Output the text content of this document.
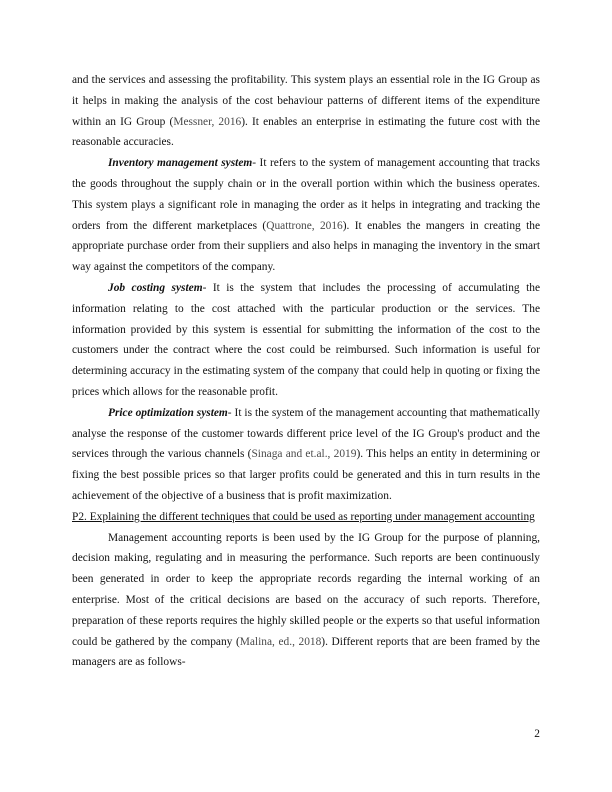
and the services and assessing the profitability. This system plays an essential role in the IG Group as it helps in making the analysis of the cost behaviour patterns of different items of the expenditure within an IG Group (Messner, 2016). It enables an enterprise in estimating the future cost with the reasonable accuracies.

Inventory management system- It refers to the system of management accounting that tracks the goods throughout the supply chain or in the overall portion within which the business operates. This system plays a significant role in managing the order as it helps in integrating and tracking the orders from the different marketplaces (Quattrone, 2016). It enables the mangers in creating the appropriate purchase order from their suppliers and also helps in managing the inventory in the smart way against the competitors of the company.

Job costing system- It is the system that includes the processing of accumulating the information relating to the cost attached with the particular production or the services. The information provided by this system is essential for submitting the information of the cost to the customers under the contract where the cost could be reimbursed. Such information is useful for determining accuracy in the estimating system of the company that could help in quoting or fixing the prices which allows for the reasonable profit.

Price optimization system- It is the system of the management accounting that mathematically analyse the response of the customer towards different price level of the IG Group's product and the services through the various channels (Sinaga and et.al., 2019). This helps an entity in determining or fixing the best possible prices so that larger profits could be generated and this in turn results in the achievement of the objective of a business that is profit maximization.

P2. Explaining the different techniques that could be used as reporting under management accounting

Management accounting reports is been used by the IG Group for the purpose of planning, decision making, regulating and in measuring the performance. Such reports are been continuously been generated in order to keep the appropriate records regarding the internal working of an enterprise. Most of the critical decisions are based on the accuracy of such reports. Therefore, preparation of these reports requires the highly skilled people or the experts so that useful information could be gathered by the company (Malina, ed., 2018). Different reports that are been framed by the managers are as follows-

2
